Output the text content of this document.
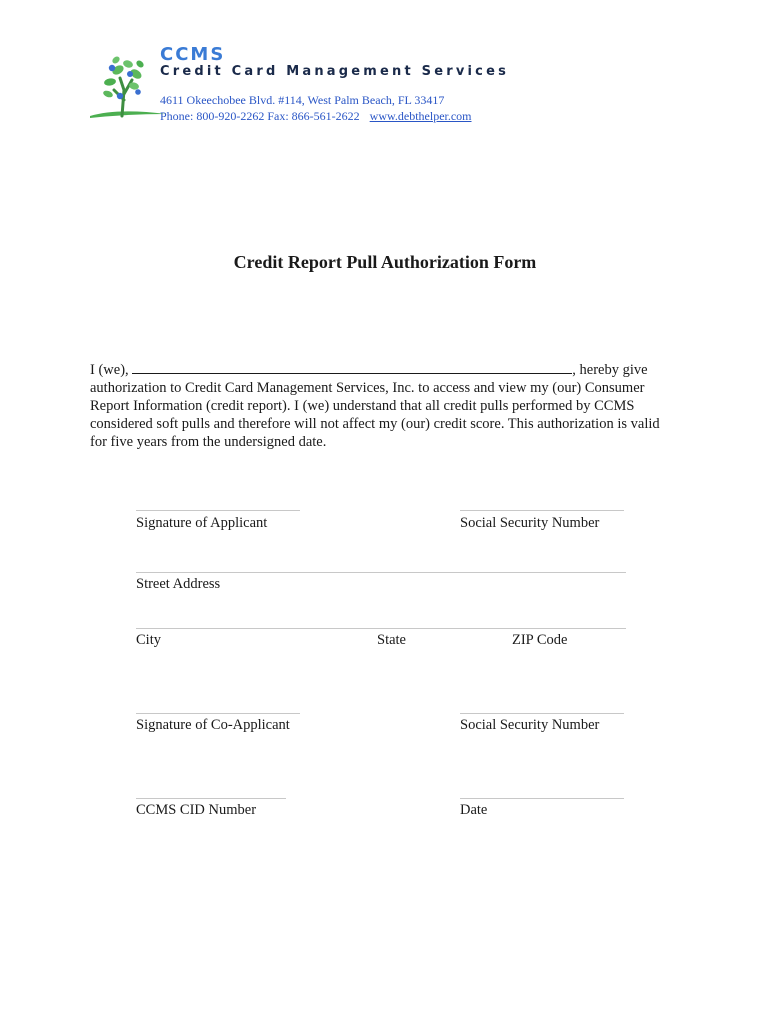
CCMS
Credit Card Management Services
4611 Okeechobee Blvd. #114, West Palm Beach, FL 33417
Phone: 800-920-2262 Fax: 866-561-2622 www.debthelper.com
Credit Report Pull Authorization Form
I (we),	, hereby give authorization to Credit Card Management Services, Inc. to access and view my (our) Consumer Report Information (credit report). I (we) understand that all credit pulls performed by CCMS considered soft pulls and therefore will not affect my (our) credit score. This authorization is valid for five years from the undersigned date.
Signature of Applicant	Social Security Number
Street Address
City	State	ZIP Code
Signature of Co-Applicant	Social Security Number
CCMS CID Number	Date
